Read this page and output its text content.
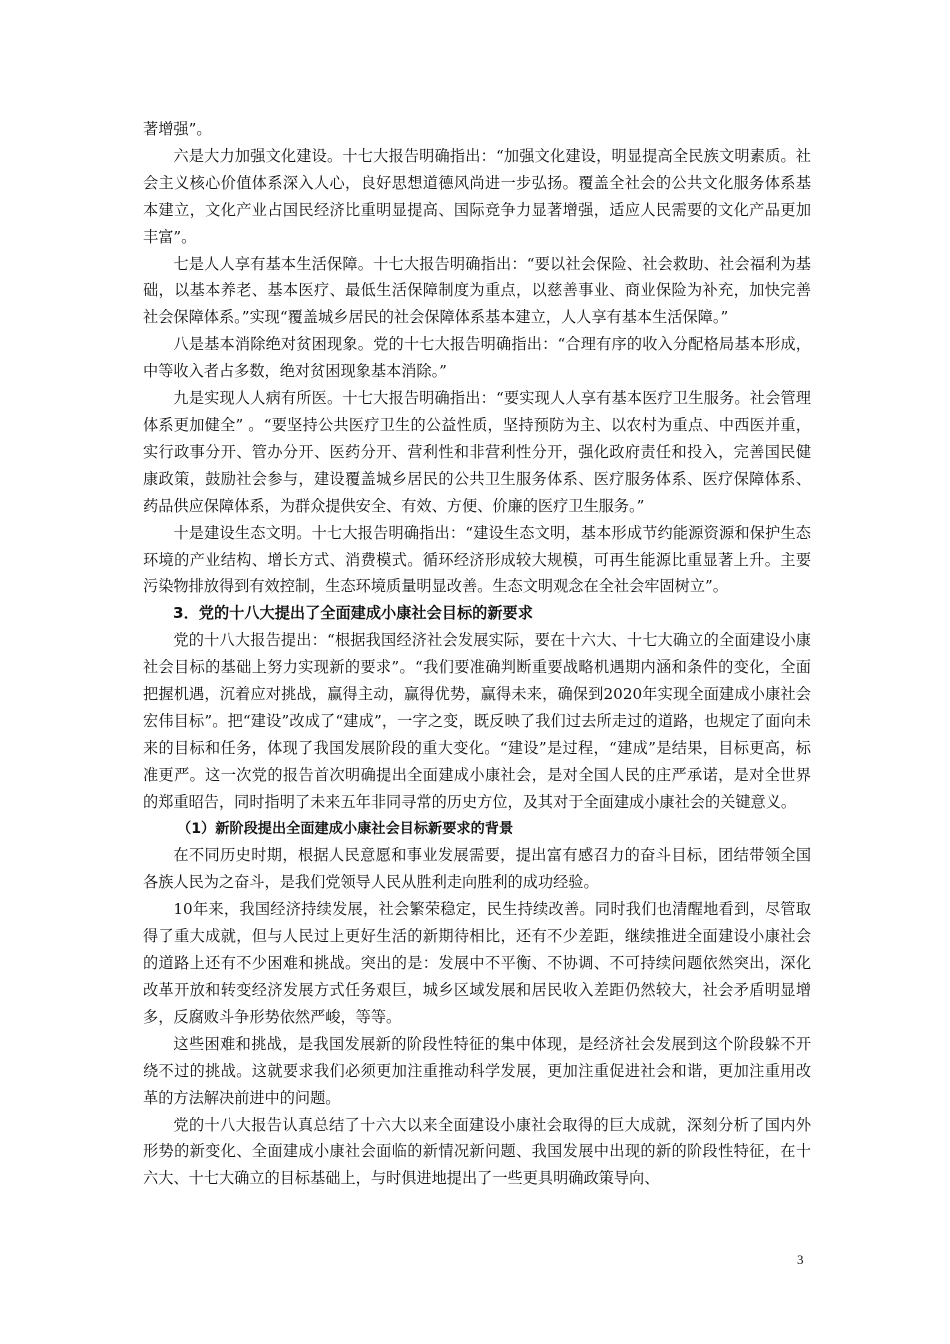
著增强”。

六是大力加强文化建设。十七大报告明确指出：“加强文化建设，明显提高全民族文明素质。社会主义核心价值体系深入人心，良好思想道德风尚进一步弘扬。覆盖全社会的公共文化服务体系基本建立，文化产业占国民经济比重明显提高、国际竞争力显著增强，适应人民需要的文化产品更加丰富”。

七是人人享有基本生活保障。十七大报告明确指出：“要以社会保险、社会救助、社会福利为基础，以基本养老、基本医疗、最低生活保障制度为重点，以慈善事业、商业保险为补充，加快完善社会保障体系。”实现“覆盖城乡居民的社会保障体系基本建立，人人享有基本生活保障。”

八是基本消除绝对贫困现象。党的十七大报告明确指出：“合理有序的收入分配格局基本形成，中等收入者占多数，绝对贫困现象基本消除。”

九是实现人人病有所医。十七大报告明确指出：“要实现人人享有基本医疗卫生服务。社会管理体系更加健全” 。“要坚持公共医疗卫生的公益性质，坚持预防为主、以农村为重点、中西医并重，实行政事分开、管办分开、医药分开、营利性和非营利性分开，强化政府责任和投入，完善国民健康政策，鼓励社会参与，建设覆盖城乡居民的公共卫生服务体系、医疗服务体系、医疗保障体系、药品供应保障体系，为群众提供安全、有效、方便、价廉的医疗卫生服务。”

十是建设生态文明。十七大报告明确指出：“建设生态文明，基本形成节约能源资源和保护生态环境的产业结构、增长方式、消费模式。循环经济形成较大规模，可再生能源比重显著上升。主要污染物排放得到有效控制，生态环境质量明显改善。生态文明观念在全社会牢固树立”。

3．党的十八大提出了全面建成小康社会目标的新要求

党的十八大报告提出：“根据我国经济社会发展实际，要在十六大、十七大确立的全面建设小康社会目标的基础上努力实现新的要求”。“我们要准确判断重要战略机遇期内涵和条件的变化，全面把握机遇，沉着应对挑战，赢得主动，赢得优势，赢得未来，确保到2020年实现全面建成小康社会宏伟目标”。把“建设”改成了“建成”，一字之变，既反映了我们过去所走过的道路，也规定了面向未来的目标和任务，体现了我国发展阶段的重大变化。“建设”是过程，“建成”是结果，目标更高，标准更严。这一次党的报告首次明确提出全面建成小康社会，是对全国人民的庄严承诺，是对全世界的郑重昭告，同时指明了未来五年非同寻常的历史方位，及其对于全面建成小康社会的关键意义。

（1）新阶段提出全面建成小康社会目标新要求的背景

在不同历史时期，根据人民意愿和事业发展需要，提出富有感召力的奋斗目标，团结带领全国各族人民为之奋斗，是我们党领导人民从胜利走向胜利的成功经验。

10年来，我国经济持续发展，社会繁荣稳定，民生持续改善。同时我们也清醒地看到，尽管取得了重大成就，但与人民过上更好生活的新期待相比，还有不少差距，继续推进全面建设小康社会的道路上还有不少困难和挑战。突出的是：发展中不平衡、不协调、不可持续问题依然突出，深化改革开放和转变经济发展方式任务艰巨，城乡区域发展和居民收入差距仍然较大，社会矛盾明显增多，反腐败斗争形势依然严峻，等等。

这些困难和挑战，是我国发展新的阶段性特征的集中体现，是经济社会发展到这个阶段躲不开绕不过的挑战。这就要求我们必须更加注重推动科学发展，更加注重促进社会和谐，更加注重用改革的方法解决前进中的问题。

党的十八大报告认真总结了十六大以来全面建设小康社会取得的巨大成就，深刻分析了国内外形势的新变化、全面建成小康社会面临的新情况新问题、我国发展中出现的新的阶段性特征，在十六大、十七大确立的目标基础上，与时俱进地提出了一些更具明确政策导向、

3
